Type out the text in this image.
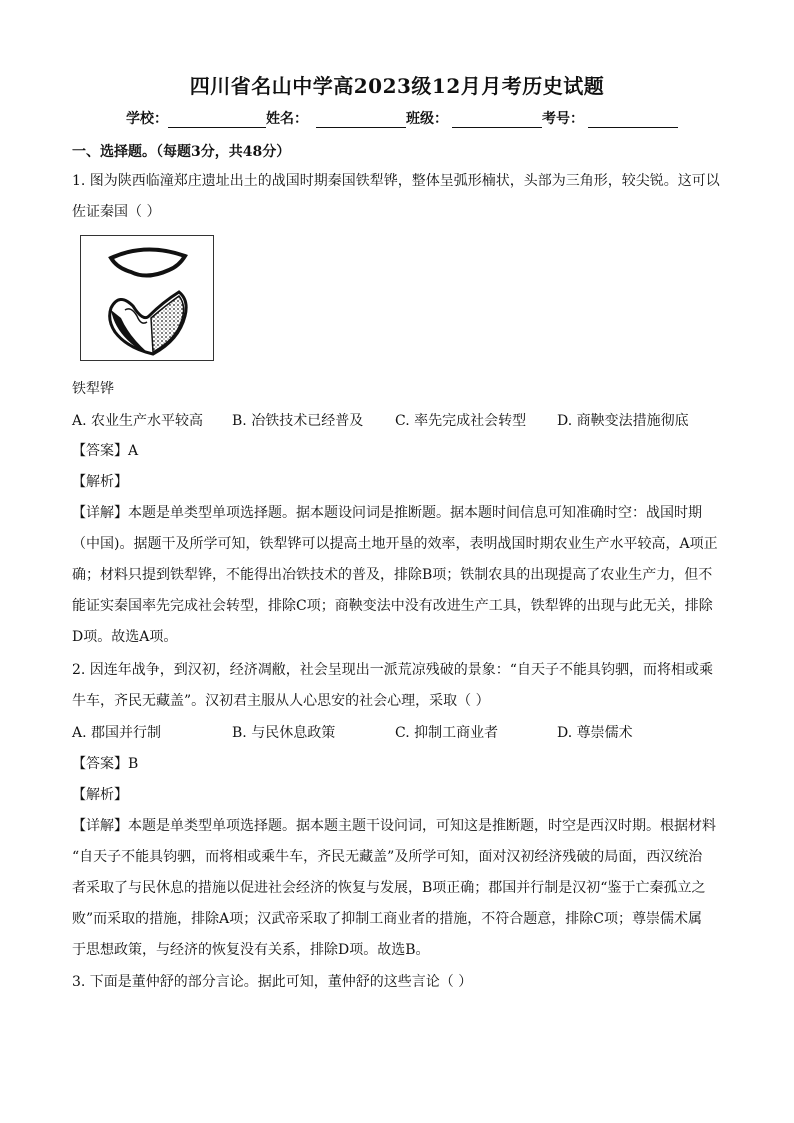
四川省名山中学高2023级12月月考历史试题
学校：	姓名：	班级：	考号：
一、选择题。（每题3分，共48分）
1. 图为陕西临潼郑庄遗址出土的战国时期秦国铁犁铧，整体呈弧形楠状，头部为三角形，较尖锐。这可以
佐证秦国（ ）
铁犁铧
A. 农业生产水平较高 B. 冶铁技术已经普及 C. 率先完成社会转型 D. 商鞅变法措施彻底
【答案】A
【解析】
【详解】本题是单类型单项选择题。据本题设问词是推断题。据本题时间信息可知准确时空：战国时期
（中国)。据题干及所学可知，铁犁铧可以提高土地开垦的效率，表明战国时期农业生产水平较高，A项正
确；材料只提到铁犁铧，不能得出冶铁技术的普及，排除B项；铁制农具的出现提高了农业生产力，但不
能证实秦国率先完成社会转型，排除C项；商鞅变法中没有改进生产工具，铁犁铧的出现与此无关，排除
D项。故选A项。
2. 因连年战争，到汉初，经济凋敝，社会呈现出一派荒凉残破的景象：“自天子不能具钧驷，而将相或乘
牛车，齐民无藏盖”。汉初君主服从人心思安的社会心理，采取（ ）
A. 郡国并行制	B. 与民休息政策	C. 抑制工商业者	D. 尊崇儒术
【答案】B
【解析】
【详解】本题是单类型单项选择题。据本题主题干设问词，可知这是推断题，时空是西汉时期。根据材料
“自天子不能具钧驷，而将相或乘牛车，齐民无藏盖”及所学可知，面对汉初经济残破的局面，西汉统治
者采取了与民休息的措施以促进社会经济的恢复与发展，B项正确；郡国并行制是汉初“鉴于亡秦孤立之
败”而采取的措施，排除A项；汉武帝采取了抑制工商业者的措施，不符合题意，排除C项；尊崇儒术属
于思想政策，与经济的恢复没有关系，排除D项。故选B。
3. 下面是董仲舒的部分言论。据此可知，董仲舒的这些言论（ ）
